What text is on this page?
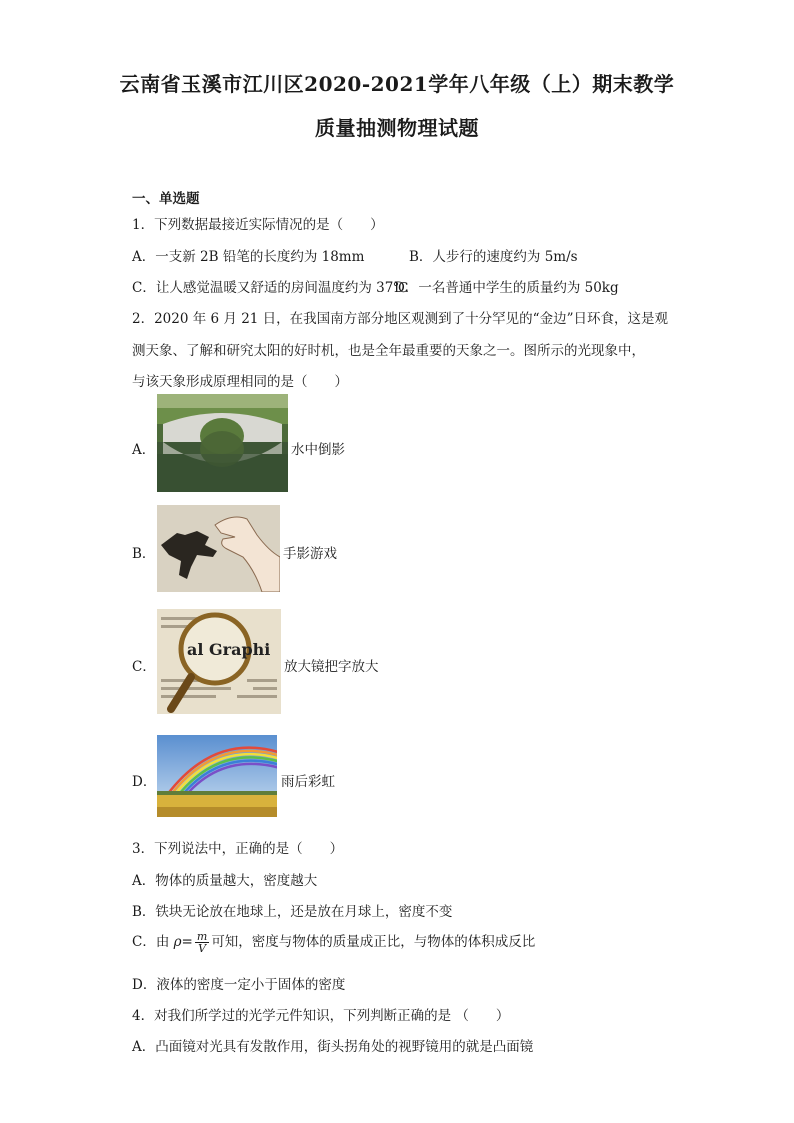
云南省玉溪市江川区2020-2021学年八年级（上）期末教学
质量抽测物理试题
一、单选题
1．下列数据最接近实际情况的是（　　）
A．一支新 2B 铅笔的长度约为 18mm	B．人步行的速度约为 5m/s
C．让人感觉温暖又舒适的房间温度约为 37℃
D．一名普通中学生的质量约为 50kg
2．2020 年 6 月 21 日，在我国南方部分地区观测到了十分罕见的“金边”日环食，这是观
测天象、了解和研究太阳的好时机，也是全年最重要的天象之一。图所示的光现象中，
与该天象形成原理相同的是（　　）
A．	水中倒影
B．	手影游戏
C．
al Graphi
放大镜把字放大
D．	雨后彩虹
3．下列说法中，正确的是（　　）
A．物体的质量越大，密度越大
B．铁块无论放在地球上，还是放在月球上，密度不变
C．由 $\rho= \frac{m}{V}$ 可知，密度与物体的质量成正比，与物体的体积成反比
D．液体的密度一定小于固体的密度
4．对我们所学过的光学元件知识，下列判断正确的是 （　　）
A．凸面镜对光具有发散作用，街头拐角处的视野镜用的就是凸面镜
